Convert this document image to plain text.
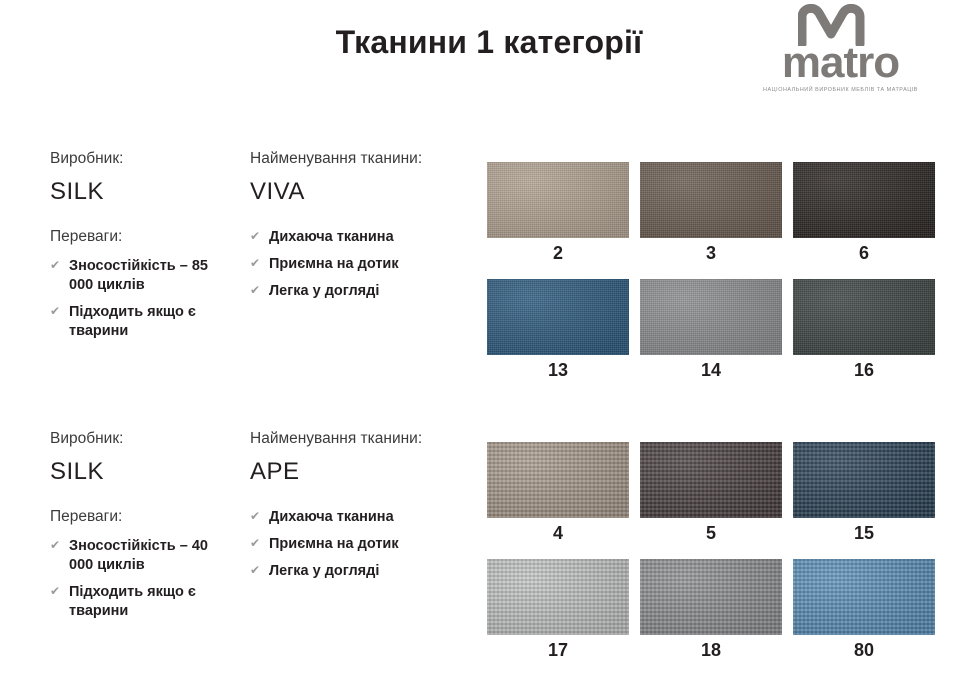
Тканини 1 категорії	matro
НАЦІОНАЛЬНИЙ ВИРОБНИК МЕБЛІВ ТА МАТРАЦІВ
Виробник:
SILK
Переваги:
✔ Зносостійкість – 85 000 циклів
✔ Підходить якщо є тварини
Найменування тканини:
VIVA
✔ Дихаюча тканина
✔ Приємна на дотик
✔ Легка у догляді
2	3	6
13	14	16
Виробник:
SILK
Переваги:
✔ Зносостійкість – 40 000 циклів
✔ Підходить якщо є тварини
Найменування тканини:
APE
✔ Дихаюча тканина
✔ Приємна на дотик
✔ Легка у догляді
4	5	15
17	18	80
